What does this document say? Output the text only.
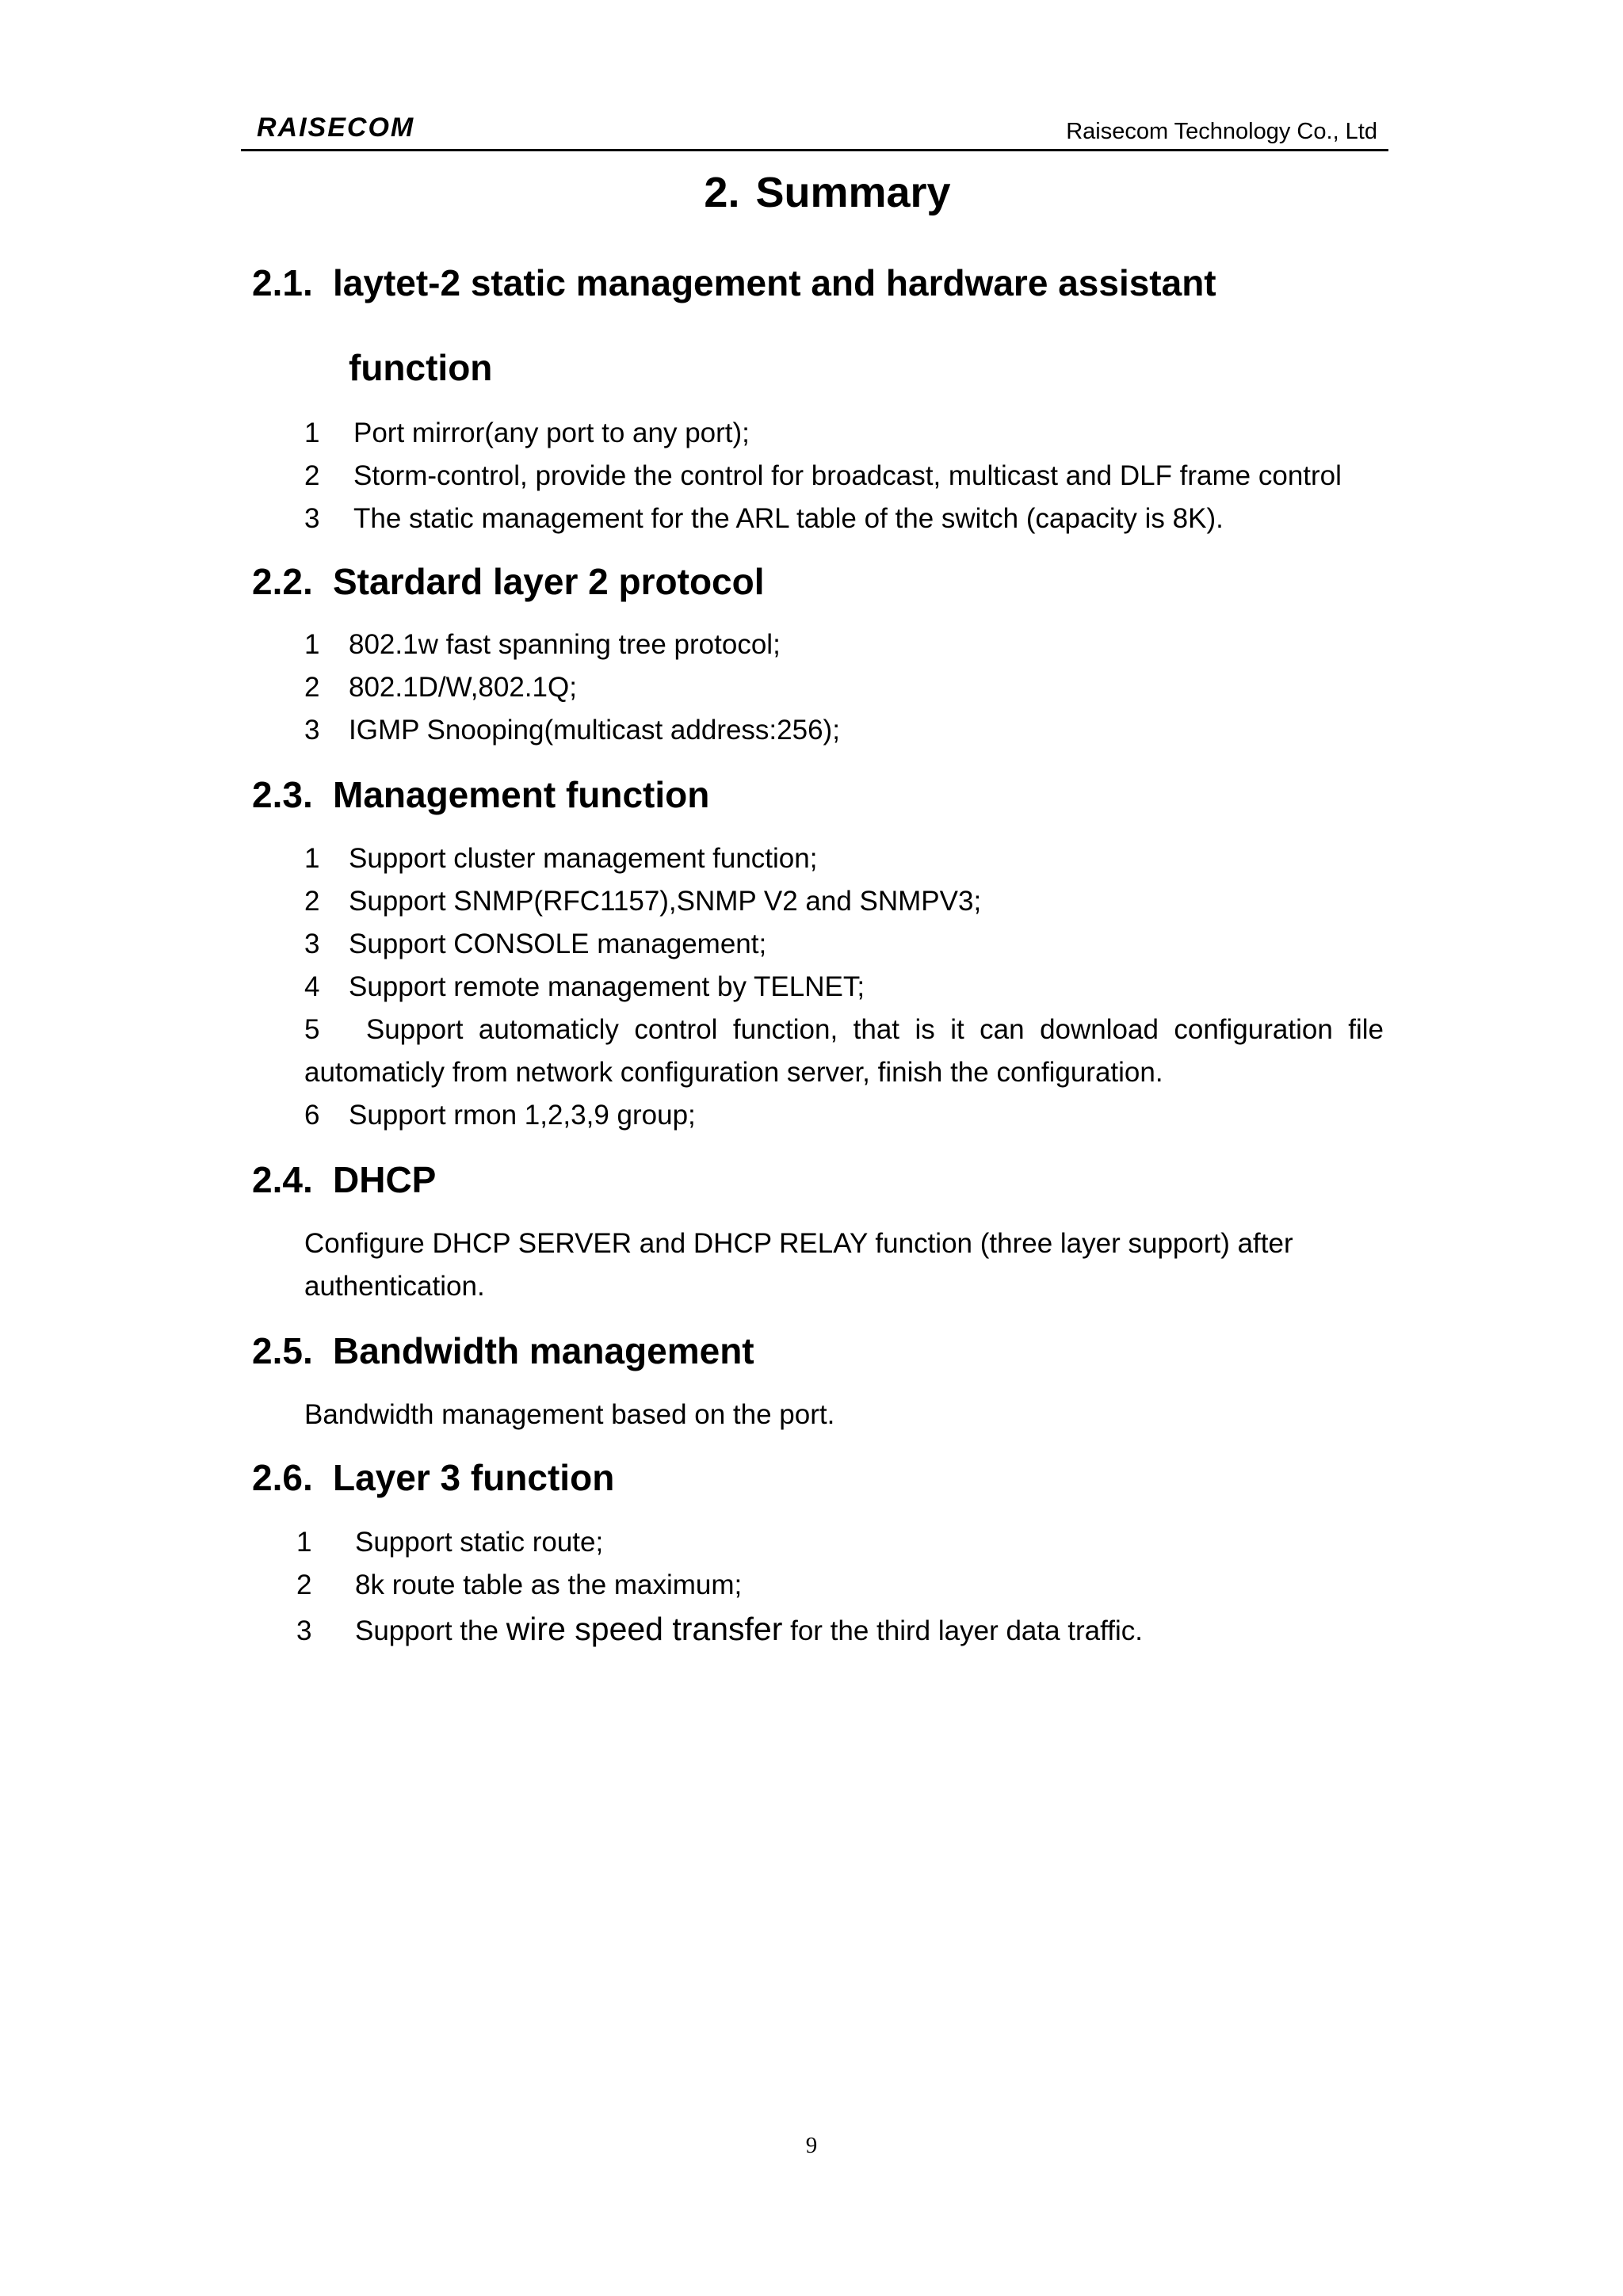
RAISECOM	Raisecom Technology Co., Ltd
2. Summary
2.1. laytet-2 static management and hardware assistant
function
1 Port mirror(any port to any port);
2 Storm-control, provide the control for broadcast, multicast and DLF frame control
3 The static management for the ARL table of the switch (capacity is 8K).
2.2. Stardard layer 2 protocol
1 802.1w fast spanning tree protocol;
2 802.1D/W,802.1Q;
3 IGMP Snooping(multicast address:256);
2.3. Management function
1 Support cluster management function;
2 Support SNMP(RFC1157),SNMP V2 and SNMPV3;
3 Support CONSOLE management;
4 Support remote management by TELNET;
5 Support automaticly control function, that is it can download configuration file
automaticly from network configuration server, finish the configuration.
6 Support rmon 1,2,3,9 group;
2.4. DHCP
Configure DHCP SERVER and DHCP RELAY function (three layer support) after
authentication.
2.5. Bandwidth management
Bandwidth management based on the port.
2.6. Layer 3 function
1 Support static route;
2 8k route table as the maximum;
3 Support the wire speed transfer for the third layer data traffic.
9
